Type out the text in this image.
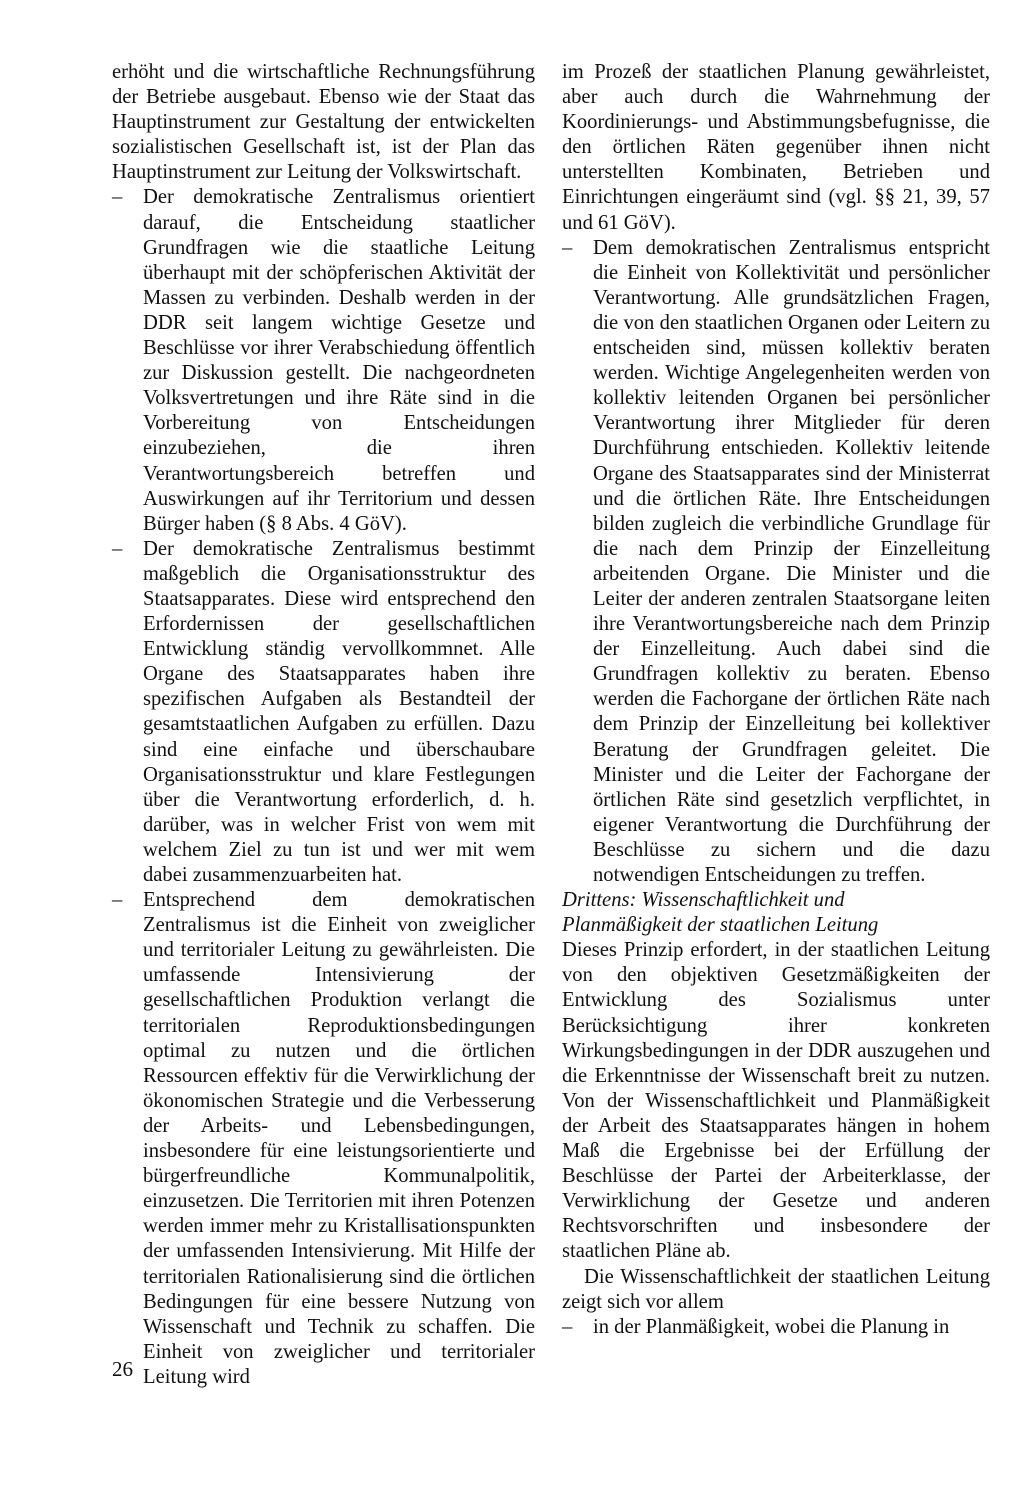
erhöht und die wirtschaftliche Rechnungsführung der Betriebe ausgebaut. Ebenso wie der Staat das Hauptinstrument zur Gestaltung der entwickelten sozialistischen Gesellschaft ist, ist der Plan das Hauptinstrument zur Leitung der Volkswirtschaft.

–	Der demokratische Zentralismus orientiert darauf, die Entscheidung staatlicher Grundfragen wie die staatliche Leitung überhaupt mit der schöpferischen Aktivität der Massen zu verbinden. Deshalb werden in der DDR seit langem wichtige Gesetze und Beschlüsse vor ihrer Verabschiedung öffentlich zur Diskussion gestellt. Die nachgeordneten Volksvertretungen und ihre Räte sind in die Vorbereitung von Entscheidungen einzubeziehen, die ihren Verantwortungsbereich betreffen und Auswirkungen auf ihr Territorium und dessen Bürger haben (§ 8 Abs. 4 GöV).
–	Der demokratische Zentralismus bestimmt maßgeblich die Organisationsstruktur des Staatsapparates. Diese wird entsprechend den Erfordernissen der gesellschaftlichen Entwicklung ständig vervollkommnet. Alle Organe des Staatsapparates haben ihre spezifischen Aufgaben als Bestandteil der gesamtstaatlichen Aufgaben zu erfüllen. Dazu sind eine einfache und überschaubare Organisationsstruktur und klare Festlegungen über die Verantwortung erforderlich, d. h. darüber, was in welcher Frist von wem mit welchem Ziel zu tun ist und wer mit wem dabei zusammenzuarbeiten hat.
–	Entsprechend dem demokratischen Zentralismus ist die Einheit von zweiglicher und territorialer Leitung zu gewährleisten. Die umfassende Intensivierung der gesellschaftlichen Produktion verlangt die territorialen Reproduktionsbedingungen optimal zu nutzen und die örtlichen Ressourcen effektiv für die Verwirklichung der ökonomischen Strategie und die Verbesserung der Arbeits- und Lebensbedingungen, insbesondere für eine leistungsorientierte und bürgerfreundliche Kommunalpolitik, einzusetzen. Die Territorien mit ihren Potenzen werden immer mehr zu Kristallisationspunkten der umfassenden Intensivierung. Mit Hilfe der territorialen Rationalisierung sind die örtlichen Bedingungen für eine bessere Nutzung von Wissenschaft und Technik zu schaffen. Die Einheit von zweiglicher und territorialer Leitung wird

im Prozeß der staatlichen Planung gewährleistet, aber auch durch die Wahrnehmung der Koordinierungs- und Abstimmungsbefugnisse, die den örtlichen Räten gegenüber ihnen nicht unterstellten Kombinaten, Betrieben und Einrichtungen eingeräumt sind (vgl. §§ 21, 39, 57 und 61 GöV).

–	Dem demokratischen Zentralismus entspricht die Einheit von Kollektivität und persönlicher Verantwortung. Alle grundsätzlichen Fragen, die von den staatlichen Organen oder Leitern zu entscheiden sind, müssen kollektiv beraten werden. Wichtige Angelegenheiten werden von kollektiv leitenden Organen bei persönlicher Verantwortung ihrer Mitglieder für deren Durchführung entschieden. Kollektiv leitende Organe des Staatsapparates sind der Ministerrat und die örtlichen Räte. Ihre Entscheidungen bilden zugleich die verbindliche Grundlage für die nach dem Prinzip der Einzelleitung arbeitenden Organe. Die Minister und die Leiter der anderen zentralen Staatsorgane leiten ihre Verantwortungsbereiche nach dem Prinzip der Einzelleitung. Auch dabei sind die Grundfragen kollektiv zu beraten. Ebenso werden die Fachorgane der örtlichen Räte nach dem Prinzip der Einzelleitung bei kollektiver Beratung der Grundfragen geleitet. Die Minister und die Leiter der Fachorgane der örtlichen Räte sind gesetzlich verpflichtet, in eigener Verantwortung die Durchführung der Beschlüsse zu sichern und die dazu notwendigen Entscheidungen zu treffen.
Drittens: Wissenschaftlichkeit und
Planmäßigkeit der staatlichen Leitung

Dieses Prinzip erfordert, in der staatlichen Leitung von den objektiven Gesetzmäßigkeiten der Entwicklung des Sozialismus unter Berücksichtigung ihrer konkreten Wirkungsbedingungen in der DDR auszugehen und die Erkenntnisse der Wissenschaft breit zu nutzen. Von der Wissenschaftlichkeit und Planmäßigkeit der Arbeit des Staatsapparates hängen in hohem Maß die Ergebnisse bei der Erfüllung der Beschlüsse der Partei der Arbeiterklasse, der Verwirklichung der Gesetze und anderen Rechtsvorschriften und insbesondere der staatlichen Pläne ab.

Die Wissenschaftlichkeit der staatlichen Leitung zeigt sich vor allem

–	in der Planmäßigkeit, wobei die Planung in
26
